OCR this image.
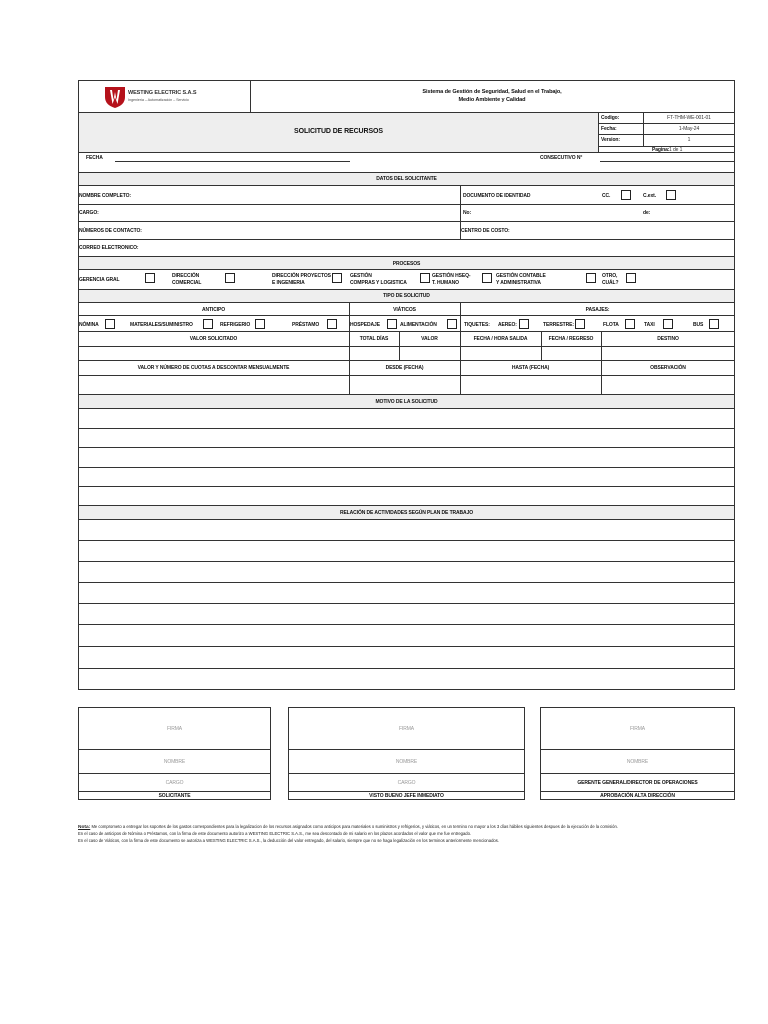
WESTING ELECTRIC S.A.S
Ingeniería – Automatización – Servicio
Sistema de Gestión de Seguridad, Salud en el Trabajo,
Medio Ambiente y Calidad
SOLICITUD DE RECURSOS
Codigo:	FT-THM-WE-001-01
Fecha:	1-May-24
Version:	1
Pagina: 1 de 1
FECHA	CONSECUTIVO N°
DATOS DEL SOLICITANTE
NOMBRE COMPLETO:	DOCUMENTO DE IDENTIDAD	CC.	C.ext.
CARGO:	No:	de:
NÚMEROS DE CONTACTO:	CENTRO DE COSTO:
CORREO ELECTRONICO:
PROCESOS
GERENCIA GRAL
DIRECCIÓN
COMERCIAL
DIRECCIÓN PROYECTOS
E INGENIERIA
GESTIÓN
COMPRAS Y LOGISTICA
GESTIÓN HSEQ-
T. HUMANO
GESTIÓN CONTABLE
Y ADMINISTRATIVA
OTRO,
CUÁL?
TIPO DE SOLICITUD
ANTICIPO	VIÁTICOS	PASAJES:
NÓMINA	MATERIALES/SUMINISTRO	REFRIGERIO	PRÉSTAMO	HOSPEDAJE	ALIMENTACIÓN	TIQUETES: AEREO:	TERRESTRE:	FLOTA	TAXI	BUS
VALOR SOLICITADO	TOTAL DÍAS	VALOR	FECHA / HORA SALIDA	FECHA / REGRESO	DESTINO
VALOR Y NÚMERO DE CUOTAS A DESCONTAR MENSUALMENTE	DESDE (FECHA)	HASTA (FECHA)	OBSERVACIÓN
MOTIVO DE LA SOLICITUD
RELACIÓN DE ACTIVIDADES SEGÚN PLAN DE TRABAJO
FIRMA
NOMBRE
CARGO
SOLICITANTE
FIRMA
NOMBRE
CARGO
VISTO BUENO JEFE INMEDIATO
FIRMA
NOMBRE
GERENTE GENERAL/DIRECTOR DE OPERACIONES
APROBACIÓN ALTA DIRECCIÓN
Nota: Me comprometo a entregar los soportes de los gastos correspondientes para la legalizacion de los recursos asignados como anticipos para materiales o suministros y refrigerios, y viáticos, en un termino no mayor a los 3 días hábiles siguientes despues de la ejecución de la comisión.
En el caso de anticipos de Nómina o Préstamos, con la firma de este documento autorizo a WESTING ELECTRIC S.A.S., me sea descontado de mi salario en los plazos acordados el valor que me fue entregado.
En el caso de Viáticos, con la firma de este documento se autoriza a WESTING ELECTRIC S.A.S., la deducción del valor entregado, del salario, siempre que no se haga legalización en los terminos anteriormente mencionados.
